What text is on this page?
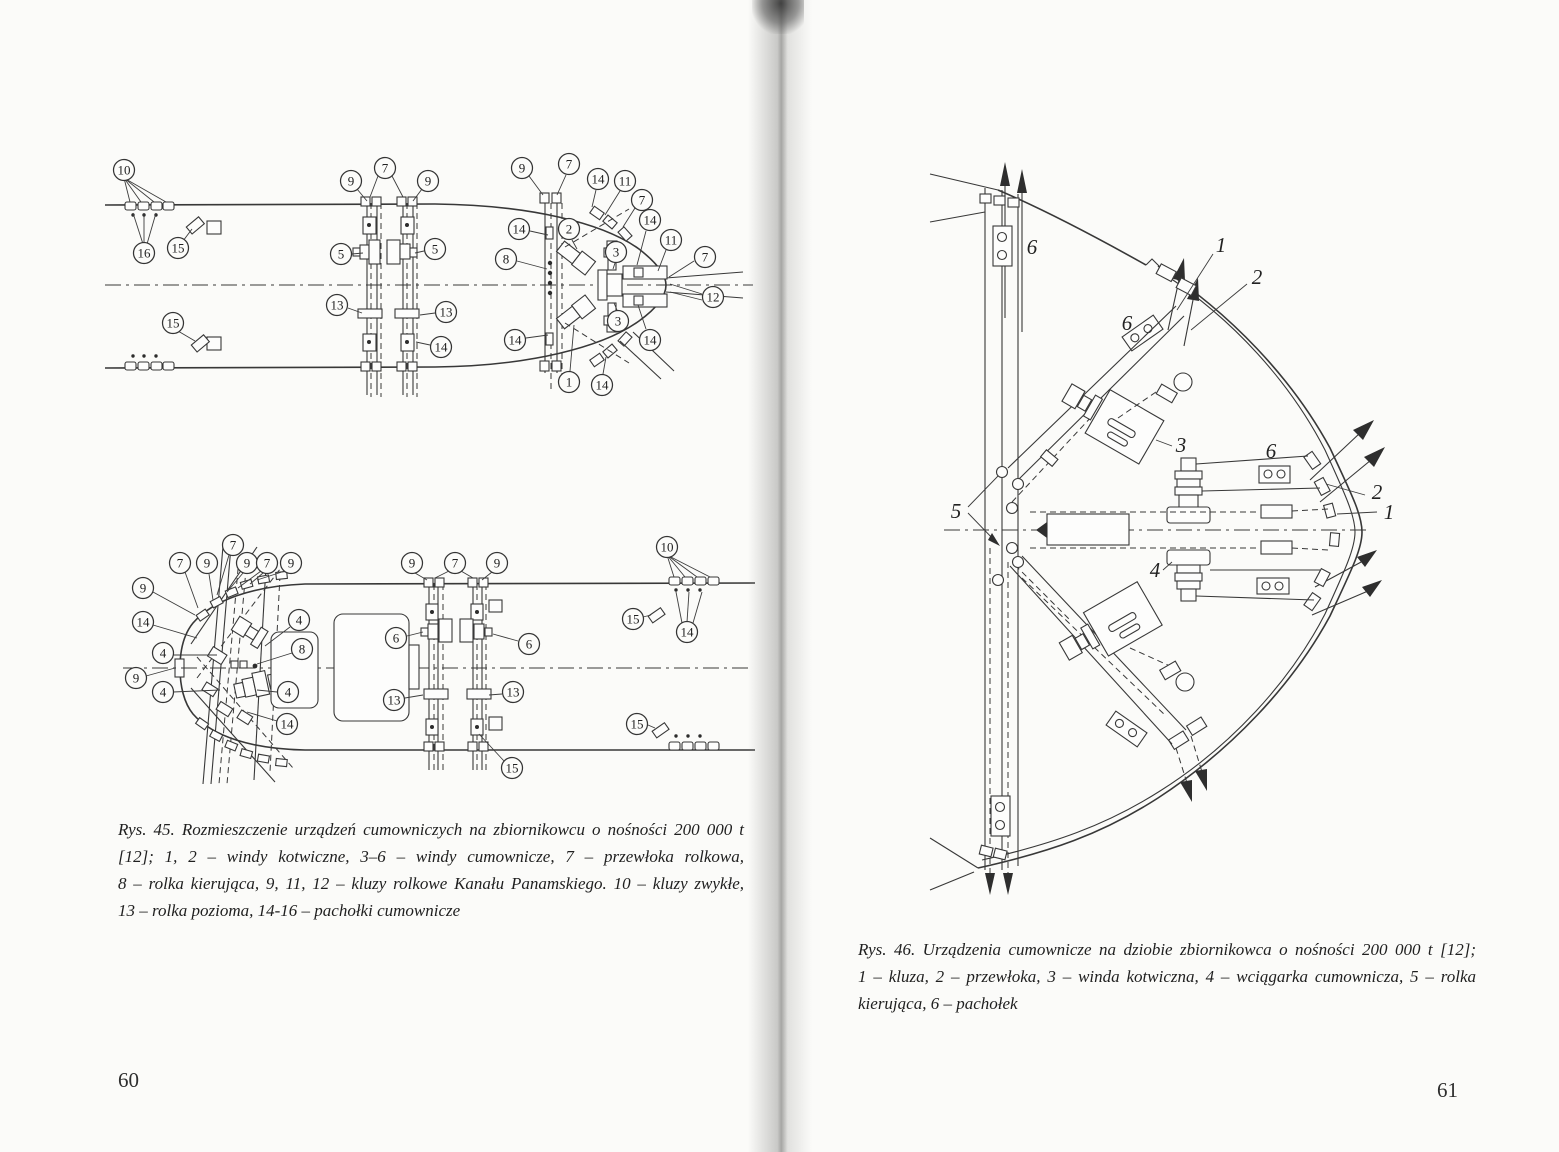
10
16 15
15
9
7
9
5	5
13	13
14
9	7
14 11
7
14	2
3
14
11
7
8
12
3
14
14
1 14
7
7 9	9 7 9
9
14
4
9
4
4
8
4
14
9	7	9
6	6
13
13
15
15
14
10
15
6	1
2
6
3	6
2
1
5
4
Rys. 45. Rozmieszczenie urządzeń cumowniczych na zbiornikowcu o nośności 200 000 t
[12]; 1, 2 – windy kotwiczne, 3–6 – windy cumownicze, 7 – przewłoka rolkowa,
8 – rolka kierująca, 9, 11, 12 – kluzy rolkowe Kanału Panamskiego. 10 – kluzy zwykłe,
13 – rolka pozioma, 14-16 – pachołki cumownicze
Rys. 46. Urządzenia cumownicze na dziobie zbiornikowca o nośności 200 000 t [12];
1 – kluza, 2 – przewłoka, 3 – winda kotwiczna, 4 – wciągarka cumownicza, 5 – rolka
kierująca, 6 – pachołek
60	61
